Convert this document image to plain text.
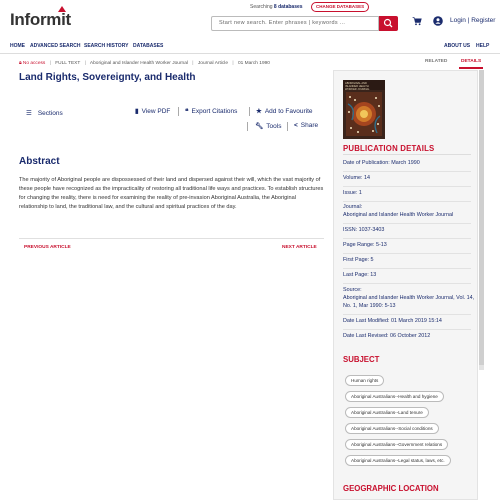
Informit
Searching 8 databases	CHANGE DATABASES
Start new search. Enter phrases | keywords ...	Login | Register
HOME ADVANCED SEARCH SEARCH HISTORY DATABASES	ABOUT US HELP
🔒︎ No access | FULL TEXT | Aboriginal and Islander Health Worker Journal | Journal Article | 01 March 1990
Land Rights, Sovereignty, and Health
☰ Sections	▮ View PDF ❝ Export Citations	★ Add to Favourite
🔧︎ Tools < Share
Abstract
The majority of Aboriginal people are dispossessed of their land and dispersed against their will, which the vast majority of these people have recognized as the impracticality of restoring all traditional life ways and practices. To establish structures for changing the reality, there is need for examining the reality of pre-invasion Aboriginal Australia, the Aboriginal relationship to land, the traditional law, and the cultural and spiritual practices of the day.
PREVIOUS ARTICLE	NEXT ARTICLE
RELATED	DETAILS
ABORIGINAL AND
ISLANDER HEALTH
WORKER JOURNAL
PUBLICATION DETAILS
Date of Publication: March 1990
Volume: 14
Issue: 1
Journal:
Aboriginal and Islander Health Worker Journal
ISSN: 1037-3403
Page Range: 5-13
First Page: 5
Last Page: 13
Source:
Aboriginal and Islander Health Worker Journal, Vol. 14, No. 1, Mar 1990: 5-13
Date Last Modified: 01 March 2019 15:14
Date Last Revised: 06 October 2012
SUBJECT
Human rights
Aboriginal Australians--Health and hygiene
Aboriginal Australians--Land tenure
Aboriginal Australians--Social conditions
Aboriginal Australians--Government relations
Aboriginal Australians--Legal status, laws, etc.
GEOGRAPHIC LOCATION
